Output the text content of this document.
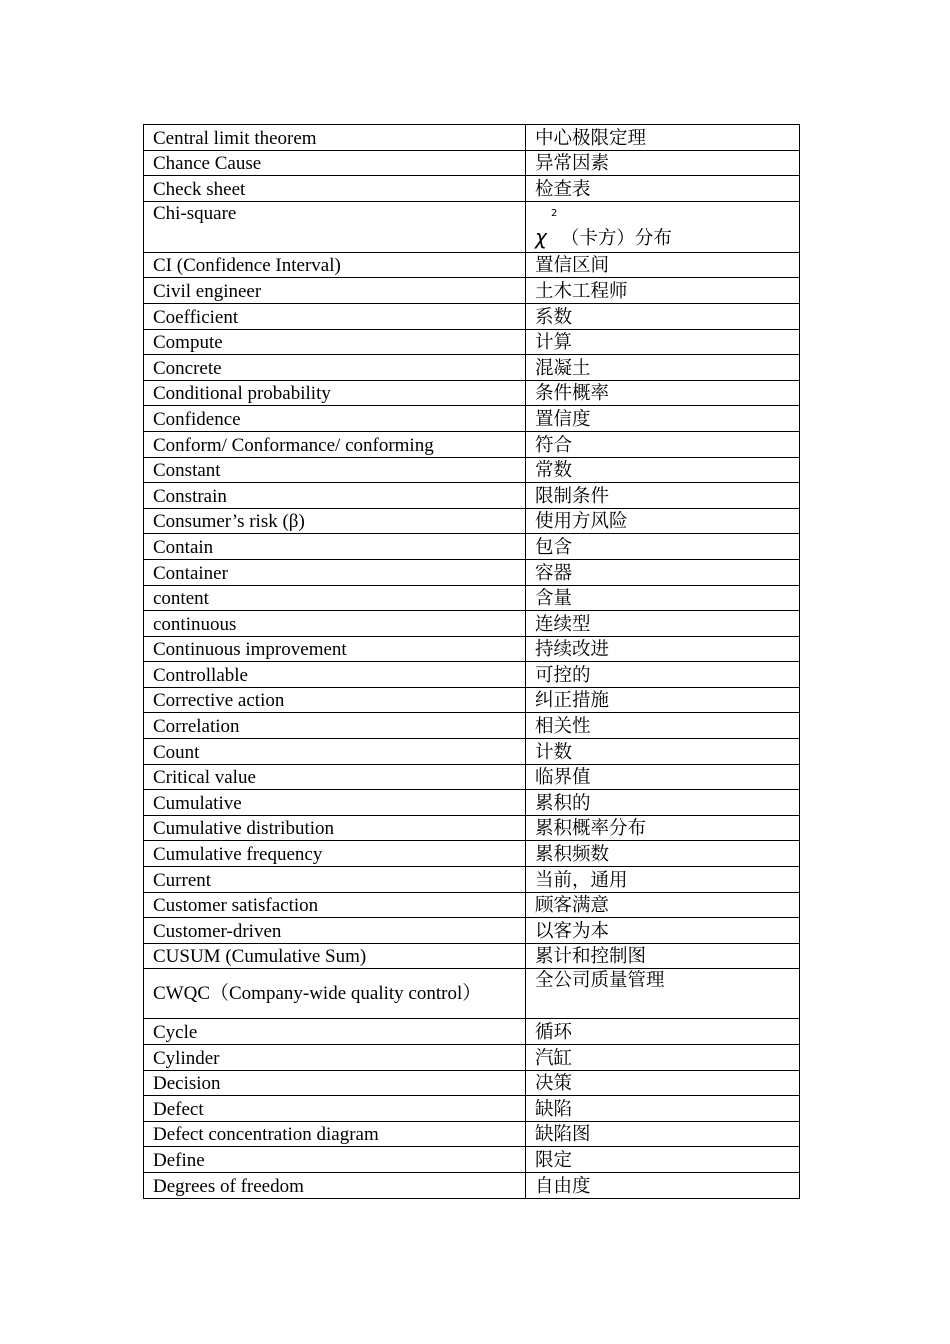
Central limit theorem	中心极限定理
Chance Cause	异常因素
Check sheet	检查表
Chi-square	χ
2
（卡方）分布
CI (Confidence Interval)	置信区间
Civil engineer	土木工程师
Coefficient	系数
Compute	计算
Concrete	混凝土
Conditional probability	条件概率
Confidence	置信度
Conform/ Conformance/ conforming	符合
Constant	常数
Constrain	限制条件
Consumer’s risk (β)	使用方风险
Contain	包含
Container	容器
content	含量
continuous	连续型
Continuous improvement	持续改进
Controllable	可控的
Corrective action	纠正措施
Correlation	相关性
Count	计数
Critical value	临界值
Cumulative	累积的
Cumulative distribution	累积概率分布
Cumulative frequency	累积频数
Current	当前，通用
Customer satisfaction	顾客满意
Customer-driven	以客为本
CUSUM (Cumulative Sum)	累计和控制图
CWQC（Company-wide quality control）	全公司质量管理
Cycle	循环
Cylinder	汽缸
Decision	决策
Defect	缺陷
Defect concentration diagram	缺陷图
Define	限定
Degrees of freedom	自由度
